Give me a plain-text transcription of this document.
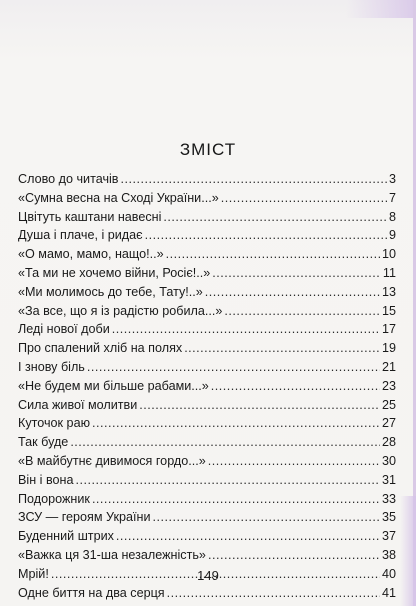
ЗМІСТ
Слово до читачів .....	3
«Сумна весна на Сході України...» .....	7
Цвітуть каштани навесні .....	8
Душа і плаче, і ридає .....	9
«О мамо, мамо, нащо!..» .....	10
«Та ми не хочемо війни, Росіє!..» .....	11
«Ми молимось до тебе, Тату!..» .....	13
«За все, що я із радістю робила...» .....	15
Леді нової доби .....	17
Про спалений хліб на полях .....	19
І знову біль .....	21
«Не будем ми більше рабами...» .....	23
Сила живої молитви .....	25
Куточок раю .....	27
Так буде .....	28
«В майбутнє дивимося гордо...» .....	30
Він і вона .....	31
Подорожник .....	33
ЗСУ — героям України .....	35
Буденний штрих .....	37
«Важка ця 31-ша незалежність» .....	38
Мрій! .....	40
Одне биття на два серця .....	41
149
